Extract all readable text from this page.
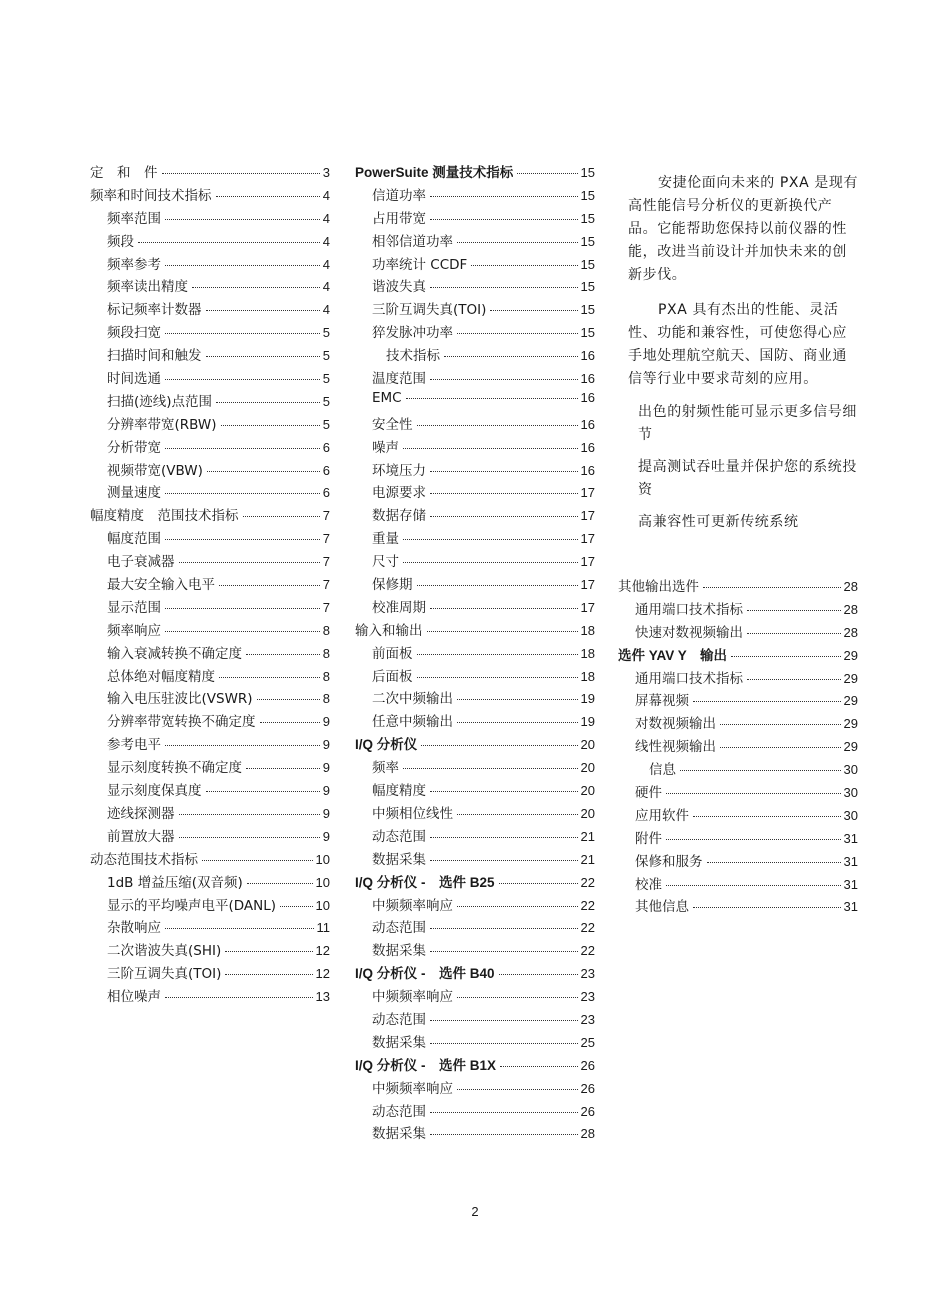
定　和　件	3
频率和时间技术指标	4
频率范围	4
频段	4
频率参考	4
频率读出精度	4
标记频率计数器	4
频段扫宽	5
扫描时间和触发	5
时间选通	5
扫描(迹线)点范围	5
分辨率带宽(RBW)	5
分析带宽	6
视频带宽(VBW)	6
测量速度	6
幅度精度　范围技术指标	7
幅度范围	7
电子衰减器	7
最大安全输入电平	7
显示范围	7
频率响应	8
输入衰减转换不确定度	8
总体绝对幅度精度	8
输入电压驻波比(VSWR)	8
分辨率带宽转换不确定度	9
参考电平	9
显示刻度转换不确定度	9
显示刻度保真度	9
迹线探测器	9
前置放大器	9
动态范围技术指标	10
1dB 增益压缩(双音频)	10
显示的平均噪声电平(DANL)	10
杂散响应	11
二次谐波失真(SHI)	12
三阶互调失真(TOI)	12
相位噪声	13
PowerSuite 测量技术指标	15
信道功率	15
占用带宽	15
相邻信道功率	15
功率统计 CCDF	15
谐波失真	15
三阶互调失真(TOI)	15
猝发脉冲功率	15
技术指标	16
温度范围	16
EMC	16
安全性	16
噪声	16
环境压力	16
电源要求	17
数据存储	17
重量	17
尺寸	17
保修期	17
校准周期	17
输入和输出	18
前面板	18
后面板	18
二次中频输出	19
任意中频输出	19
I/Q 分析仪	20
频率	20
幅度精度	20
中频相位线性	20
动态范围	21
数据采集	21
I/Q 分析仪 -　选件 B25	22
中频频率响应	22
动态范围	22
数据采集	22
I/Q 分析仪 -　选件 B40	23
中频频率响应	23
动态范围	23
数据采集	25
I/Q 分析仪 -　选件 B1X	26
中频频率响应	26
动态范围	26
数据采集	28
其他输出选件	28
通用端口技术指标	28
快速对数视频输出	28
选件 YAV Y　输出	29
通用端口技术指标	29
屏幕视频	29
对数视频输出	29
线性视频输出	29
信息	30
硬件	30
应用软件	30
附件	31
保修和服务	31
校准	31
其他信息	31

安捷伦面向未来的 PXA 是现有高性能信号分析仪的更新换代产品。它能帮助您保持以前仪器的性能，改进当前设计并加快未来的创新步伐。

PXA 具有杰出的性能、灵活性、功能和兼容性，可使您得心应手地处理航空航天、国防、商业通信等行业中要求苛刻的应用。

出色的射频性能可显示更多信号细节
提高测试吞吐量并保护您的系统投资
高兼容性可更新传统系统
2
